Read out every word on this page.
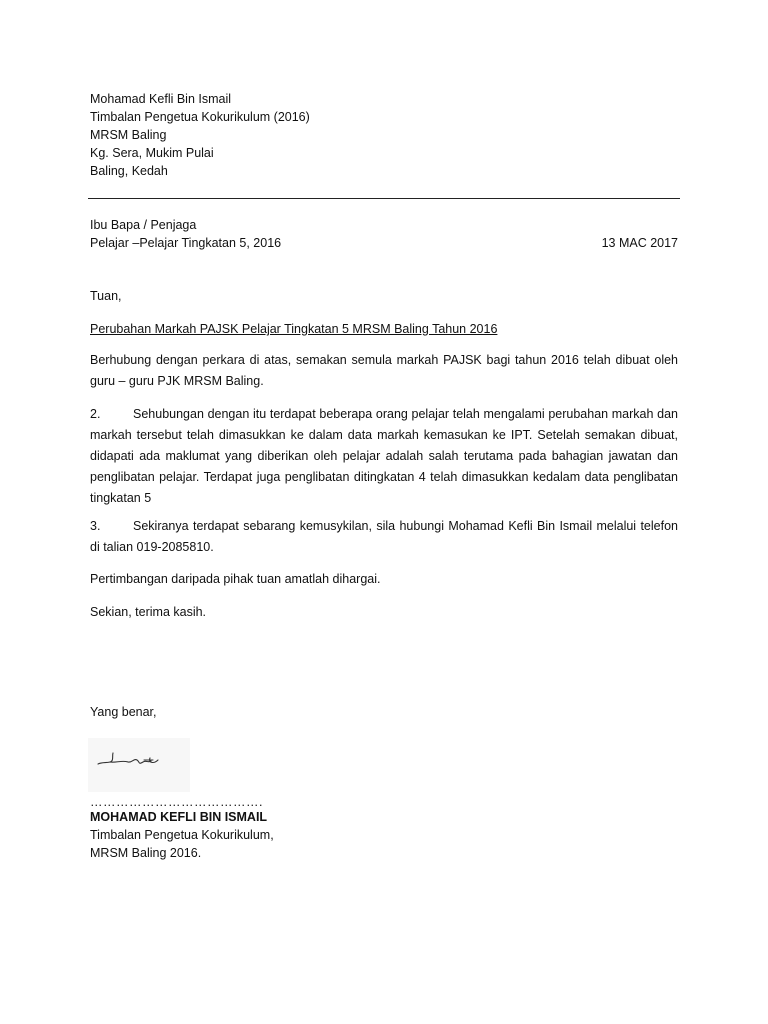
Mohamad Kefli Bin Ismail
Timbalan Pengetua Kokurikulum (2016)
MRSM Baling
Kg. Sera, Mukim Pulai
Baling, Kedah
Ibu Bapa / Penjaga
Pelajar –Pelajar Tingkatan 5, 2016	13 MAC 2017
Tuan,
Perubahan Markah PAJSK Pelajar Tingkatan 5 MRSM Baling Tahun 2016
Berhubung dengan perkara di atas, semakan semula markah PAJSK bagi tahun 2016 telah dibuat oleh guru – guru PJK MRSM Baling.
2.	Sehubungan dengan itu terdapat beberapa orang pelajar telah mengalami perubahan markah dan markah tersebut telah dimasukkan ke dalam data markah kemasukan ke IPT. Setelah semakan dibuat, didapati ada maklumat yang diberikan oleh pelajar adalah salah terutama pada bahagian jawatan dan penglibatan pelajar. Terdapat juga penglibatan ditingkatan 4 telah dimasukkan kedalam data penglibatan tingkatan 5
3.	Sekiranya terdapat sebarang kemusykilan, sila hubungi Mohamad Kefli Bin Ismail melalui telefon di talian 019-2085810.
Pertimbangan daripada pihak tuan amatlah dihargai.
Sekian, terima kasih.
Yang benar,
………………………………….
MOHAMAD KEFLI BIN ISMAIL
Timbalan Pengetua Kokurikulum,
MRSM Baling 2016.
